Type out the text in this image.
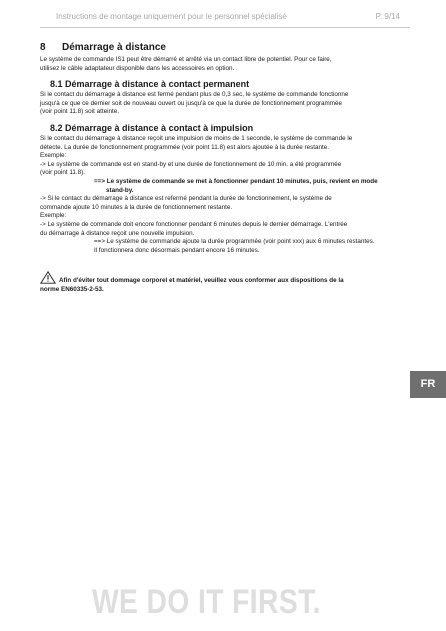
Instructions de montage uniquement pour le personnel spécialisé	P. 9/14
8 Démarrage à distance

Le système de commande IS1 peut être démarré et arrêté via un contact libre de potentiel. Pour ce faire,

utilisez le câble adaptateur disponible dans les accessoires en option.

8.1 Démarrage à distance à contact permanent

Si le contact du démarrage à distance est fermé pendant plus de 0,3 sec, le système de commande fonctionne

jusqu'à ce que ce dernier soit de nouveau ouvert ou jusqu'à ce que la durée de fonctionnement programmée

(voir point 11.8) soit atteinte.

8.2 Démarrage à distance à contact à impulsion

Si le contact du démarrage à distance reçoit une impulsion de moins de 1 seconde, le système de commande le

détecte. La durée de fonctionnement programmée (voir point 11.8) est alors ajoutée à la durée restante.

Exemple:

-> Le système de commande est en stand-by et une durée de fonctionnement de 10 min. a été programmée

(voir point 11.8).

==> Le système de commande se met à fonctionner pendant 10 minutes, puis, revient en mode

stand-by.

-> Si le contact du démarrage à distance est refermé pendant la durée de fonctionnement, le système de

commande ajoute 10 minutes à la durée de fonctionnement restante.

Exemple:

-> Le système de commande doit encore fonctionner pendant 6 minutes depuis le dernier démarrage. L'entrée

du démarrage à distance reçoit une nouvelle impulsion.

==> Le système de commande ajoute la durée programmée (voir point xxx) aux 6 minutes restantes.

Il fonctionnera donc désormais pendant encore 16 minutes.

Afin d'éviter tout dommage corporel et matériel, veuillez vous conformer aux dispositions de la

norme EN60335-2-53.

FR
WE DO IT FIRST.
